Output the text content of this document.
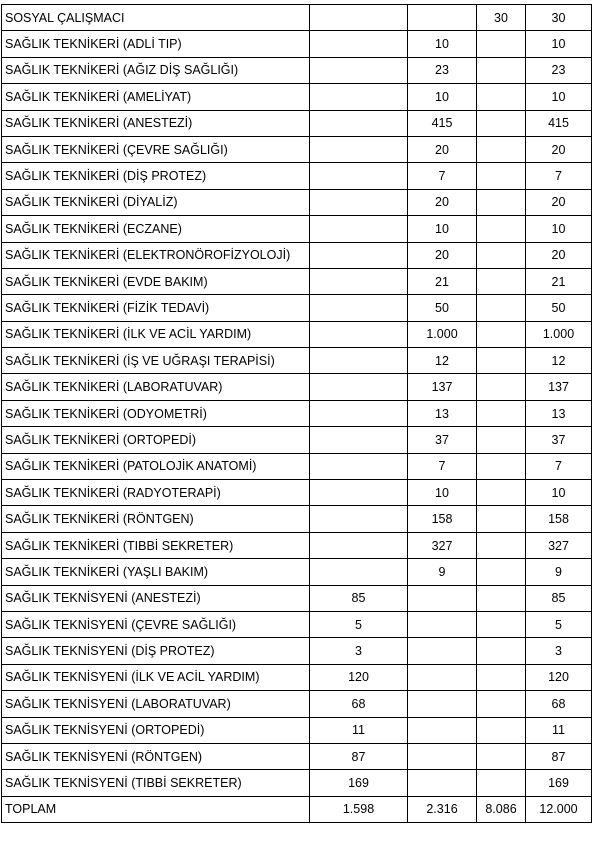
SOSYAL ÇALIŞMACI			30	30
SAĞLIK TEKNİKERİ (ADLİ TIP)		10		10
SAĞLIK TEKNİKERİ (AĞIZ DİŞ SAĞLIĞI)		23		23
SAĞLIK TEKNİKERİ (AMELİYAT)		10		10
SAĞLIK TEKNİKERİ (ANESTEZİ)		415		415
SAĞLIK TEKNİKERİ (ÇEVRE SAĞLIĞI)		20		20
SAĞLIK TEKNİKERİ (DİŞ PROTEZ)		7		7
SAĞLIK TEKNİKERİ (DİYALİZ)		20		20
SAĞLIK TEKNİKERİ (ECZANE)		10		10
SAĞLIK TEKNİKERİ (ELEKTRONÖROFİZYOLOJİ)		20		20
SAĞLIK TEKNİKERİ (EVDE BAKIM)		21		21
SAĞLIK TEKNİKERİ (FİZİK TEDAVİ)		50		50
SAĞLIK TEKNİKERİ (İLK VE ACİL YARDIM)		1.000		1.000
SAĞLIK TEKNİKERİ (İŞ VE UĞRAŞI TERAPİSİ)		12		12
SAĞLIK TEKNİKERİ (LABORATUVAR)		137		137
SAĞLIK TEKNİKERİ (ODYOMETRİ)		13		13
SAĞLIK TEKNİKERİ (ORTOPEDİ)		37		37
SAĞLIK TEKNİKERİ (PATOLOJİK ANATOMİ)		7		7
SAĞLIK TEKNİKERİ (RADYOTERAPİ)		10		10
SAĞLIK TEKNİKERİ (RÖNTGEN)		158		158
SAĞLIK TEKNİKERİ (TIBBİ SEKRETER)		327		327
SAĞLIK TEKNİKERİ (YAŞLI BAKIM)		9		9
SAĞLIK TEKNİSYENİ (ANESTEZİ)	85			85
SAĞLIK TEKNİSYENİ (ÇEVRE SAĞLIĞI)	5			5
SAĞLIK TEKNİSYENİ (DİŞ PROTEZ)	3			3
SAĞLIK TEKNİSYENİ (İLK VE ACİL YARDIM)	120			120
SAĞLIK TEKNİSYENİ (LABORATUVAR)	68			68
SAĞLIK TEKNİSYENİ (ORTOPEDİ)	11			11
SAĞLIK TEKNİSYENİ (RÖNTGEN)	87			87
SAĞLIK TEKNİSYENİ (TIBBİ SEKRETER)	169			169
TOPLAM	1.598	2.316	8.086	12.000
